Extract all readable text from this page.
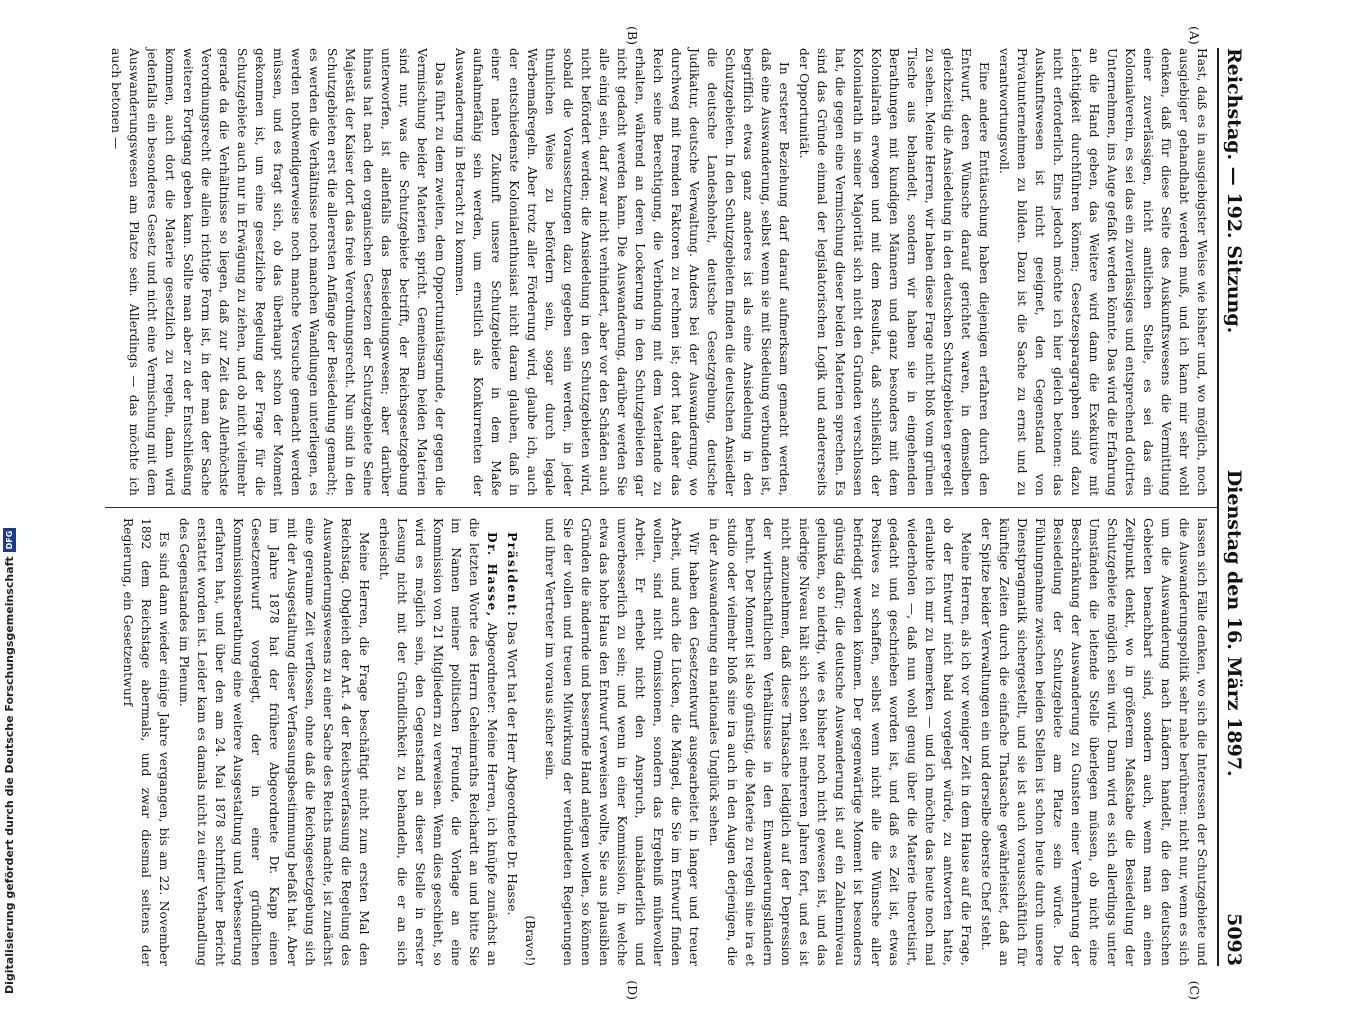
Reichstag. — 192. Sitzung.
Dienstag den 16. März 1897.
5093
(A)
(B)

Hast, daß es in ausgiebigster Weise wie bisher und, wo möglich, noch ausgiebiger gehandhabt werden muß, und ich kann mir sehr wohl denken, daß für diese Seite des Auskunftswesens die Vermittlung einer zuverlässigen, nicht amtlichen Stelle, es sei das ein Kolonialverein, es sei das ein zuverlässiges und entsprechend dotirtes Unternehmen, ins Auge gefaßt werden könnte. Das wird die Erfahrung an die Hand geben, das Weitere wird dann die Exekutive mit Leichtigkeit durchführen können; Gesetzesparagraphen sind dazu nicht erforderlich. Eins jedoch möchte ich hier gleich betonen: das Auskunftswesen ist nicht geeignet, den Gegenstand von Privatunternehmen zu bilden. Dazu ist die Sache zu ernst und zu verantwortungsvoll.

Eine andere Enttäuschung haben diejenigen erfahren durch den Entwurf, deren Wünsche darauf gerichtet waren, in demselben gleichzeitig die Ansiedelung in den deutschen Schutzgebieten geregelt zu sehen. Meine Herren, wir haben diese Frage nicht bloß vom grünen Tische aus behandelt, sondern wir haben sie in eingehenden Berathungen mit kundigen Männern und ganz besonders mit dem Kolonialrath erwogen und mit dem Resultat, daß schließlich der Kolonialrath in seiner Majorität sich nicht den Gründen verschlossen hat, die gegen eine Vermischung dieser beiden Materien sprechen. Es sind das Gründe einmal der legislatorischen Logik und andererseits der Opportunität.

In ersterer Beziehung darf darauf aufmerksam gemacht werden, daß eine Auswanderung, selbst wenn sie mit Siedelung verbunden ist, begrifflich etwas ganz anderes ist als eine Ansiedelung in den Schutzgebieten. In den Schutzgebieten finden die deutschen Ansiedler die deutsche Landeshoheit, deutsche Gesetzgebung, deutsche Judikatur, deutsche Verwaltung. Anders bei der Auswanderung, wo durchweg mit fremden Faktoren zu rechnen ist; dort hat daher das Reich seine Berechtigung, die Verbindung mit dem Vaterlande zu erhalten, während an deren Lockerung in den Schutzgebieten gar nicht gedacht werden kann. Die Auswanderung, darüber werden Sie alle einig sein, darf zwar nicht verhindert, aber vor den Schäden auch nicht befördert werden; die Ansiedelung in den Schutzgebieten wird, sobald die Voraussetzungen dazu gegeben sein werden, in jeder thunlichen Weise zu befördern sein, sogar durch legale Werbemaßregeln. Aber trotz aller Förderung wird, glaube ich, auch der entschiedenste Kolonialenthusiast nicht daran glauben, daß in einer nahen Zukunft unsere Schutzgebiete in dem Maße aufnahmefähig sein werden, um ernstlich als Konkurrenten der Auswanderung in Betracht zu kommen.

Das führt zu dem zweiten, dem Opportunitätsgrunde, der gegen die Vermischung beider Materien spricht. Gemeinsam beiden Materien sind nur, was die Schutzgebiete betrifft, der Reichsgesetzgebung unterworfen, ist allenfalls das Besiedelungswesen; aber darüber hinaus hat nach den organischen Gesetzen der Schutzgebiete Seine Majestät der Kaiser dort das freie Verordnungsrecht. Nun sind in den Schutzgebieten erst die allerersten Anfänge der Besiedelung gemacht; es werden die Verhältnisse noch manchen Wandlungen unterliegen, es werden nothwendigerweise noch manche Versuche gemacht werden müssen, und es fragt sich, ob das überhaupt schon der Moment gekommen ist, um eine gesetzliche Regelung der Frage für die Schutzgebiete auch nur in Erwägung zu ziehen, und ob nicht vielmehr gerade da die Verhältnisse so liegen, daß zur Zeit das Allerhöchste Verordnungsrecht die allein richtige Form ist, in der man der Sache weiteren Fortgang geben kann. Sollte man aber zu der Entschließung kommen, auch dort die Materie gesetzlich zu regeln, dann wird jedenfalls ein besonderes Gesetz und nicht eine Vermischung mit dem Auswanderungswesen am Platze sein. Allerdings — das möchte ich auch betonen —

(C)
(D)

lassen sich Fälle denken, wo sich die Interessen der Schutzgebiete und die Auswanderungspolitik sehr nahe berühren: nicht nur, wenn es sich um die Auswanderung nach Ländern handelt, die den deutschen Gebieten benachbart sind, sondern auch, wenn man an einen Zeitpunkt denkt, wo in größerem Maßstabe die Besiedelung der Schutzgebiete möglich sein wird. Dann wird es sich allerdings unter Umständen die leitende Stelle überlegen müssen, ob nicht eine Beschränkung der Auswanderung zu Gunsten einer Vermehrung der Besiedelung der Schutzgebiete am Platze sein würde. Die Fühlungnahme zwischen beiden Stellen ist schon heute durch unsere Dienstpragmatik sichergestellt, und sie ist auch vorausschäftlich für künftige Zeiten durch die einfache Thatsache gewährleistet, daß an der Spitze beider Verwaltungen ein und derselbe oberste Chef steht.

Meine Herren, als ich vor weniger Zeit in dem Hause auf die Frage, ob der Entwurf nicht bald vorgelegt würde, zu antworten hatte, erlaubte ich mir zu bemerken — und ich möchte das heute noch mal wiederholen —, daß nun wohl genug über die Materie theoretisirt, gedacht und geschrieben worden ist, und daß es Zeit ist, etwas Positives zu schaffen, selbst wenn nicht alle die Wünsche aller befriedigt werden können. Der gegenwärtige Moment ist besonders günstig dafür; die deutsche Auswanderung ist auf ein Zahlenniveau gelunken, so niedrig, wie es bisher noch nicht gewesen ist, und das niedrige Niveau hält sich schon seit mehreren Jahren fort, und es ist nicht anzunehmen, daß diese Thatsache lediglich auf der Depression der wirthschaftlichen Verhältnisse in den Einwanderungsländern beruht. Der Moment ist also günstig, die Materie zu regeln sine ira et studio oder vielmehr bloß sine ira auch in den Augen derjenigen, die in der Auswanderung ein nationales Unglück sehen.

Wir haben den Gesetzentwurf ausgearbeitet in langer und treuer Arbeit, und auch die Lücken, die Mängel, die Sie im Entwurf finden wollen, sind nicht Omissionen, sondern das Ergebniß mühevoller Arbeit. Er erhebt nicht den Anspruch, unabänderlich und unverbesserlich zu sein; und wenn in einer Kommission, in welche etwa das hohe Haus den Entwurf verweisen wollte, Sie aus plausiblen Gründen die ändernde und bessernde Hand anlegen wollen, so können Sie der vollen und treuen Mitwirkung der verbündeten Regierungen und ihrer Vertreter im voraus sicher sein.

(Bravo!)

Präsident: Das Wort hat der Herr Abgeordnete Dr. Hasse.

Dr. Hasse, Abgeordneter: Meine Herren, ich knüpfe zunächst an die letzten Worte des Herrn Geheimraths Reichardt an und bitte Sie im Namen meiner politischen Freunde, die Vorlage an eine Kommission von 21 Mitgliedern zu verweisen. Wenn dies geschieht, so wird es möglich sein, den Gegenstand an dieser Stelle in erster Lesung nicht mit der Gründlichkeit zu behandeln, die er an sich erheischt.

Meine Herren, die Frage beschäftigt nicht zum ersten Mal den Reichstag. Obgleich der Art. 4 der Reichsverfassung die Regelung des Auswanderungswesens zu einer Sache des Reichs machte, ist zunächst eine geraume Zeit verflossen, ohne daß die Reichsgesetzgebung sich mit der Ausgestaltung dieser Verfassungsbestimmung befaßt hat. Aber im Jahre 1878 hat der frühere Abgeordnete Dr. Kapp einen Gesetzentwurf vorgelegt, der in einer gründlichen Kommissionsberathung eine weitere Ausgestaltung und Verbesserung erfahren hat, und über den am 24. Mai 1878 schriftlicher Bericht erstattet worden ist. Leider kam es damals nicht zu einer Verhandlung des Gegenstandes im Plenum.

Es sind dann wieder einige Jahre vergangen, bis am 22. November 1892 dem Reichstage abermals, und zwar diesmal seitens der Regierung, ein Gesetzentwurf

Digitalisierung gefördert durch die Deutsche Forschungsgemeinschaft
DFG
